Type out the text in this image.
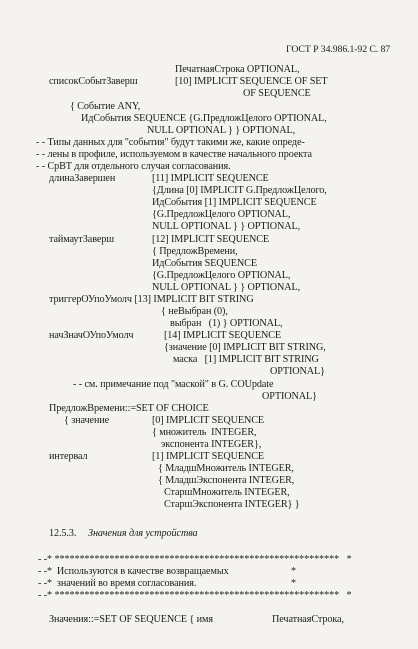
ГОСТ Р 34.986.1-92 С. 87
ПечатнаяСтрока OPTIONAL,
списокСобытЗаверш	[10] IMPLICIT SEQUENCE OF SET
OF SEQUENCE
{ Событие ANY,
ИдСобытия SEQUENCE {G.ПредложЦелого OPTIONAL,
NULL OPTIONAL } } OPTIONAL,
- - Типы данных для "события" будут такими же, какие опреде-
- - лены в профиле, используемом в качестве начального проекта
- - СрВТ для отдельного случая согласования.
длинаЗавершен	[11] IMPLICIT SEQUENCE
{Длина [0] IMPLICIT G.ПредложЦелого,
ИдСобытия [1] IMPLICIT SEQUENCE
{G.ПредложЦелого OPTIONAL,
NULL OPTIONAL } } OPTIONAL,
таймаутЗаверш	[12] IMPLICIT SEQUENCE
{ ПредложВремени,
ИдСобытия SEQUENCE
{G.ПредложЦелого OPTIONAL,
NULL OPTIONAL } } OPTIONAL,
триггерОУпоУмолч [13] IMPLICIT BIT STRING
{ неВыбран (0),
выбран   (1) } OPTIONAL,
начЗначОУпоУмолч	[14] IMPLICIT SEQUENCE
{значение [0] IMPLICIT BIT STRING,
маска   [1] IMPLICIT BIT STRING
OPTIONAL}
- - см. примечание под "маской" в G. COUpdate
OPTIONAL}
ПредложВремени::=SET OF CHOICE
{ значение	[0] IMPLICIT SEQUENCE
{ множитель  INTEGER,
экспонента INTEGER},
интервал	[1] IMPLICIT SEQUENCE
{ МладшМножитель INTEGER,
{ МладшЭкспонента INTEGER,
СтаршМножитель INTEGER,
СтаршЭкспонента INTEGER} }
12.5.3. Значения для устройства
- -* *********************************************************   *
- -*  Используются в качестве возвращаемых	*
- -*  значений во время согласования.	*
- -* *********************************************************   *
Значения::=SET OF SEQUENCE { имя	ПечатнаяСтрока,
